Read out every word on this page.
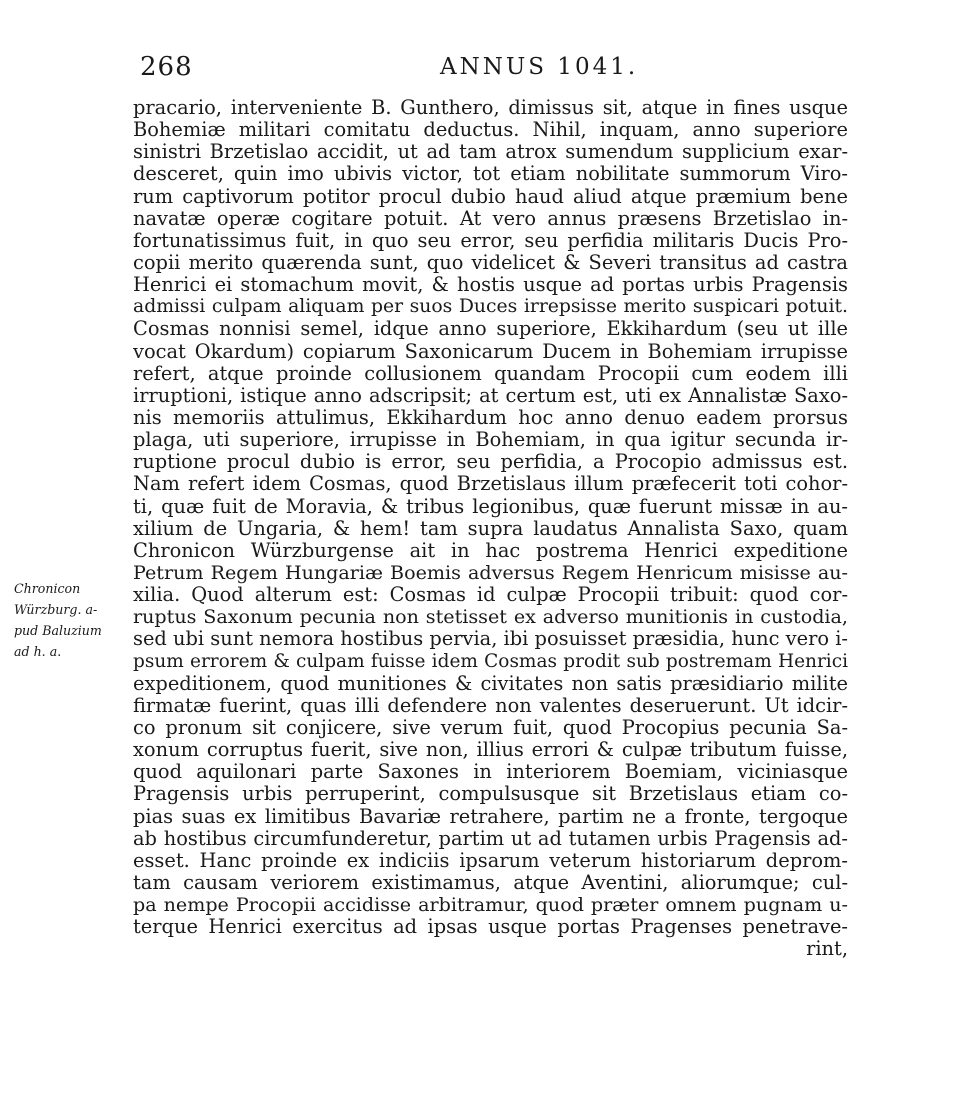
268	ANNUS 1041.
Chronicon
Würzburg. a-
pud Baluzium
ad h. a.
pracario, interveniente B. Gunthero, dimissus sit, atque in fines usque
Bohemiæ militari comitatu deductus. Nihil, inquam, anno superiore
sinistri Brzetislao accidit, ut ad tam atrox sumendum supplicium exar-
desceret, quin imo ubivis victor, tot etiam nobilitate summorum Viro-
rum captivorum potitor procul dubio haud aliud atque præmium bene
navatæ operæ cogitare potuit. At vero annus præsens Brzetislao in-
fortunatissimus fuit, in quo seu error, seu perfidia militaris Ducis Pro-
copii merito quærenda sunt, quo videlicet & Severi transitus ad castra
Henrici ei stomachum movit, & hostis usque ad portas urbis Pragensis
admissi culpam aliquam per suos Duces irrepsisse merito suspicari potuit.
Cosmas nonnisi semel, idque anno superiore, Ekkihardum (seu ut ille
vocat Okardum) copiarum Saxonicarum Ducem in Bohemiam irrupisse
refert, atque proinde collusionem quandam Procopii cum eodem illi
irruptioni, istique anno adscripsit; at certum est, uti ex Annalistæ Saxo-
nis memoriis attulimus, Ekkihardum hoc anno denuo eadem prorsus
plaga, uti superiore, irrupisse in Bohemiam, in qua igitur secunda ir-
ruptione procul dubio is error, seu perfidia, a Procopio admissus est.
Nam refert idem Cosmas, quod Brzetislaus illum præfecerit toti cohor-
ti, quæ fuit de Moravia, & tribus legionibus, quæ fuerunt missæ in au-
xilium de Ungaria, & hem! tam supra laudatus Annalista Saxo, quam
Chronicon Würzburgense ait in hac postrema Henrici expeditione
Petrum Regem Hungariæ Boemis adversus Regem Henricum misisse au-
xilia. Quod alterum est: Cosmas id culpæ Procopii tribuit: quod cor-
ruptus Saxonum pecunia non stetisset ex adverso munitionis in custodia,
sed ubi sunt nemora hostibus pervia, ibi posuisset præsidia, hunc vero i-
psum errorem & culpam fuisse idem Cosmas prodit sub postremam Henrici
expeditionem, quod munitiones & civitates non satis præsidiario milite
firmatæ fuerint, quas illi defendere non valentes deseruerunt. Ut idcir-
co pronum sit conjicere, sive verum fuit, quod Procopius pecunia Sa-
xonum corruptus fuerit, sive non, illius errori & culpæ tributum fuisse,
quod aquilonari parte Saxones in interiorem Boemiam, viciniasque
Pragensis urbis perruperint, compulsusque sit Brzetislaus etiam co-
pias suas ex limitibus Bavariæ retrahere, partim ne a fronte, tergoque
ab hostibus circumfunderetur, partim ut ad tutamen urbis Pragensis ad-
esset. Hanc proinde ex indiciis ipsarum veterum historiarum deprom-
tam causam veriorem existimamus, atque Aventini, aliorumque; cul-
pa nempe Procopii accidisse arbitramur, quod præter omnem pugnam u-
terque Henrici exercitus ad ipsas usque portas Pragenses penetrave-
rint,
